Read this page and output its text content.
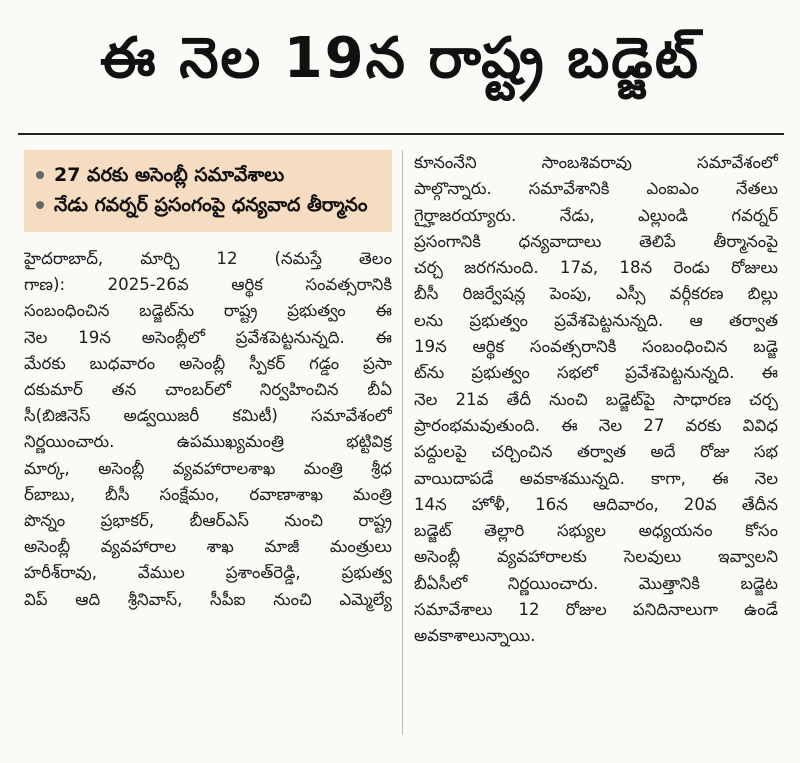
ఈ నెల 19న రాష్ట్ర బడ్జెట్
27 వరకు అసెంబ్లీ సమావేశాలు
నేడు గవర్నర్ ప్రసంగంపై ధన్యవాద తీర్మానం
హైదరాబాద్, మార్చి 12 (నమస్తే తెలం
గాణ): 2025-26వ ఆర్థిక సంవత్సరానికి
సంబంధించిన బడ్జెట్‌ను రాష్ట్ర ప్రభుత్వం ఈ
నెల 19న అసెంబ్లీలో ప్రవేశపెట్టనున్నది. ఈ
మేరకు బుధవారం అసెంబ్లీ స్పీకర్ గడ్డం ప్రసా
దకుమార్ తన చాంబర్‌లో నిర్వహించిన బీఏ
సీ(బిజినెస్ అడ్వయిజరీ కమిటీ) సమావేశంలో
నిర్ణయించారు. ఉపముఖ్యమంత్రి భట్టివిక్ర
మార్క, అసెంబ్లీ వ్యవహారాలశాఖ మంత్రి శ్రీధ
ర్‌బాబు, బీసీ సంక్షేమం, రవాణాశాఖ మంత్రి
పొన్నం ప్రభాకర్, బీఆర్‌ఎస్ నుంచి రాష్ట్ర
అసెంబ్లీ వ్యవహారాల శాఖ మాజీ మంత్రులు
హరీశ్‌రావు, వేముల ప్రశాంత్‌రెడ్డి, ప్రభుత్వ
విప్ ఆది శ్రీనివాస్, సీపీఐ నుంచి ఎమ్మెల్యే
కూనంనేని సాంబశివరావు సమావేశంలో
పాల్గొన్నారు. సమావేశానికి ఎంఐఎం నేతలు
గైర్హాజరయ్యారు. నేడు, ఎల్లుండి గవర్నర్
ప్రసంగానికి ధన్యవాదాలు తెలిపే తీర్మానంపై
చర్చ జరగనుంది. 17వ, 18న రెండు రోజులు
బీసీ రిజర్వేషన్ల పెంపు, ఎస్సీ వర్గీకరణ బిల్లు
లను ప్రభుత్వం ప్రవేశపెట్టనున్నది. ఆ తర్వాత
19న ఆర్థిక సంవత్సరానికి సంబంధించిన బడ్జె
ట్‌ను ప్రభుత్వం సభలో ప్రవేశపెట్టనున్నది. ఈ
నెల 21వ తేదీ నుంచి బడ్జెట్‌పై సాధారణ చర్చ
ప్రారంభమవుతుంది. ఈ నెల 27 వరకు వివిధ
పద్దులపై చర్చించిన తర్వాత అదే రోజు సభ
వాయిదాపడే అవకాశమున్నది. కాగా, ఈ నెల
14న హోళీ, 16న ఆదివారం, 20వ తేదీన
బడ్జెట్ తెల్లారి సభ్యుల అధ్యయనం కోసం
అసెంబ్లీ వ్యవహారాలకు సెలవులు ఇవ్వాలని
బీఏసీలో నిర్ణయించారు. మొత్తానికి బడ్జెట
సమావేశాలు 12 రోజుల పనిదినాలుగా ఉండే
అవకాశాలున్నాయి.
